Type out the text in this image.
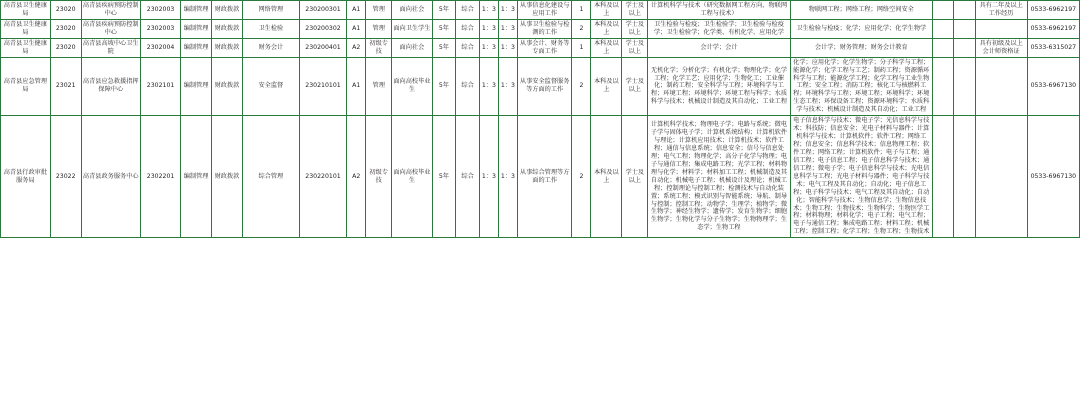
高青县卫生健康局	23020	高青县疾病预防控制中心	2302003	编制管理	财政拨款	网络管理	230200301	A1	管理	面向社会	5年	综合	1：3	1：3	从事信息化建设与应用工作	1	本科及以上	学士及以上	计算机科学与技术（研究数据网工程方向、物联网工程与技术）	物联网工程；网络工程；网络空间安全			具有二年及以上工作经历	0533-6962197
高青县卫生健康局	23020	高青县疾病预防控制中心	2302003	编制管理	财政拨款	卫生检验	230200302	A1	管理	面向卫生学生	5年	综合	1：3	1：3	从事卫生检验与检测的工作	2	本科及以上	学士及以上	卫生检验与检疫；卫生检验学；卫生检验与检疫学；卫生检验学；化学类、有机化学、应用化学	卫生检验与检疫；化学；应用化学；化学生物学				0533-6962197
高青县卫生健康局	23020	高青县高坡中心卫生院	2302004	编制管理	财政拨款	财务会计	230200401	A2	初级专技	面向社会	5年	综合	1：3	1：3	从事会计、财务等专面工作	1	本科及以上	学士及以上	会计学；会计	会计学；财务管理；财务会计教育			具有初级及以上会计师资格证	0533-6315027
高青县应急管理局	23021	高青县应急救援指挥保障中心	2302101	编制管理	财政拨款	安全监督	230210101	A1	管理	面向高校毕业生	5年	综合	1：3	1：3	从事安全监督服务等方面的工作	2	本科及以上	学士及以上	无机化学；分析化学；有机化学；物理化学；化学工程；化学工艺；应用化学；生物化工；工业催化；制药工程；安全科学与工程；环境科学与工程；环境工程；环境科学；环境工程与科学；水质科学与技术；机械设计制造及其自动化；工业工程	化学；应用化学；化学生物学；分子科学与工程；能源化学；化学工程与工艺；制药工程；资源循环科学与工程；能源化学工程；化学工程与工业生物工程；安全工程；消防工程；核化工与核燃料工程；环境科学与工程；环境工程；环境科学；环境生态工程；环保设备工程；资源环境科学；水质科学与技术；机械设计制造及其自动化；工业工程				0533-6967130
高青县行政审批服务局	23022	高青县政务服务中心	2302201	编制管理	财政拨款	综合管理	230220101	A2	初级专技	面向高校毕业生	5年	综合	1：3	1：3	从事综合管理等方面的工作	2	本科及以上	学士及以上	计算机科学技术；物理电子学；电路与系统；微电子学与固体电子学；计算机系统结构；计算机软件与理论；计算机应用技术；计算机技术；软件工程；通信与信息系统；信息安全；信号与信息处理；电气工程；物理化学；高分子化学与物理；电子与通信工程；集成电路工程；光学工程；材料物理与化学；材料学；材料加工工程；机械制造及其自动化；机械电子工程；机械设计及理论；机械工程；控制理论与控制工程；检测技术与自动化装置；系统工程；模式识别与智能系统；导航、制导与控制；控制工程；动物学；生理学；植物学；微生物学；神经生物学；遗传学；发育生物学；细胞生物学；生物化学与分子生物学；生物物理学；生态学；生物工程	电子信息科学与技术；微电子学；光信息科学与技术；科技防；信息安全；光电子材料与器件；计算机科学与技术；计算机软件；软件工程；网络工程；信息安全；信息科学技术；信息物理工程；软件工程；网络工程；计算机软件；电子与工程；通信工程；电子信息工程；电子信息科学与技术；通信工程；微电子学；电子信息科学与技术；光电信息科学与工程；光电子材料与器件；电子科学与技术；电气工程及其自动化；自动化；电子信息工程；电子科学与技术；电气工程及其自动化；自动化；智能科学与技术；生物信息学；生物信息技术；生物工程；生物技术；生物科学；生物医学工程；材料物理；材料化学；电子工程；电气工程；电子与通信工程；集成电路工程；材料工程；机械工程；控制工程；化学工程；生物工程；生物技术				0533-6967130
